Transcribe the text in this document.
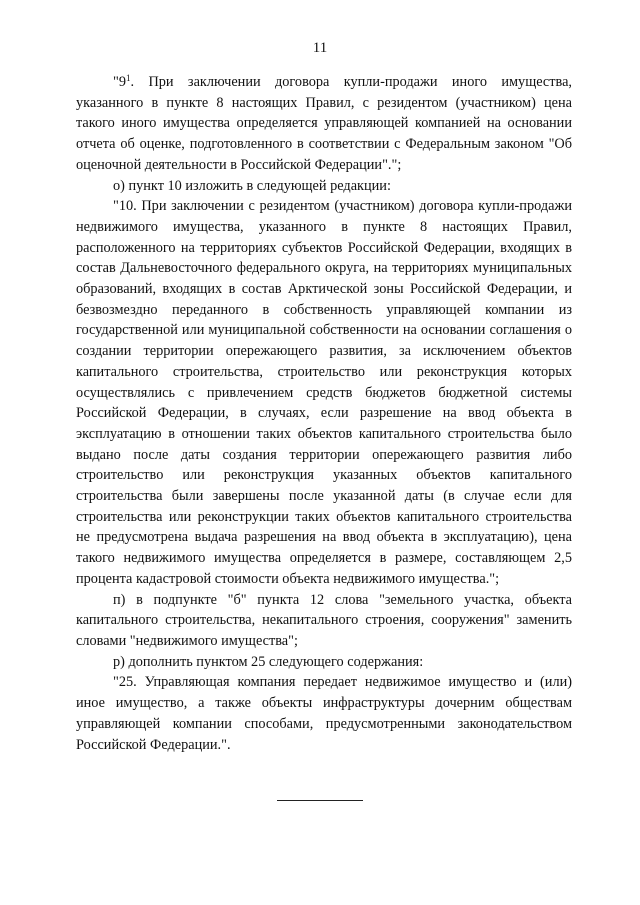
11

"$9^1$. При заключении договора купли-продажи иного имущества, указанного в пункте 8 настоящих Правил, с резидентом (участником) цена такого иного имущества определяется управляющей компанией на основании отчета об оценке, подготовленного в соответствии с Федеральным законом "Об оценочной деятельности в Российской Федерации".";

о) пункт 10 изложить в следующей редакции:

"10. При заключении с резидентом (участником) договора купли-продажи недвижимого имущества, указанного в пункте 8 настоящих Правил, расположенного на территориях субъектов Российской Федерации, входящих в состав Дальневосточного федерального округа, на территориях муниципальных образований, входящих в состав Арктической зоны Российской Федерации, и безвозмездно переданного в собственность управляющей компании из государственной или муниципальной собственности на основании соглашения о создании территории опережающего развития, за исключением объектов капитального строительства, строительство или реконструкция которых осуществлялись с привлечением средств бюджетов бюджетной системы Российской Федерации, в случаях, если разрешение на ввод объекта в эксплуатацию в отношении таких объектов капитального строительства было выдано после даты создания территории опережающего развития либо строительство или реконструкция указанных объектов капитального строительства были завершены после указанной даты (в случае если для строительства или реконструкции таких объектов капитального строительства не предусмотрена выдача разрешения на ввод объекта в эксплуатацию), цена такого недвижимого имущества определяется в размере, составляющем 2,5 процента кадастровой стоимости объекта недвижимого имущества.";

п) в подпункте "б" пункта 12 слова "земельного участка, объекта капитального строительства, некапитального строения, сооружения" заменить словами "недвижимого имущества";

р) дополнить пунктом 25 следующего содержания:

"25. Управляющая компания передает недвижимое имущество и (или) иное имущество, а также объекты инфраструктуры дочерним обществам управляющей компании способами, предусмотренными законодательством Российской Федерации.".
